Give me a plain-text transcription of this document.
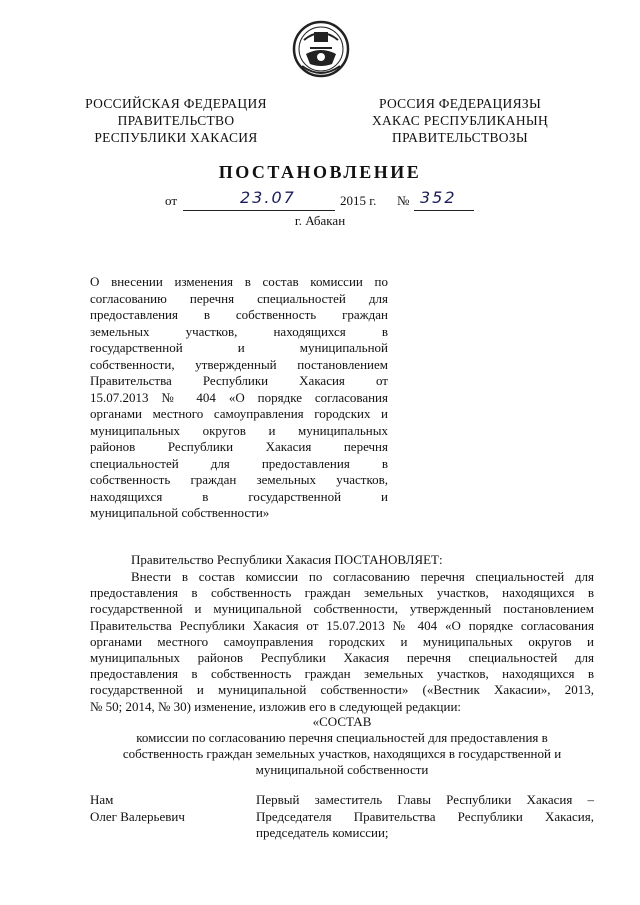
РОССИЙСКАЯ ФЕДЕРАЦИЯ
ПРАВИТЕЛЬСТВО
РЕСПУБЛИКИ ХАКАСИЯ
РОССИЯ ФЕДЕРАЦИЯЗЫ
ХАКАС РЕСПУБЛИКАНЫҢ
ПРАВИТЕЛЬСТВОЗЫ
ПОСТАНОВЛЕНИЕ
от	23.07	2015 г. № 352
г. Абакан
О внесении изменения в состав комиссии по
согласованию перечня специальностей для
предоставления в собственность граждан
земельных участков, находящихся в
государственной и муниципальной
собственности, утвержденный постановлением
Правительства Республики Хакасия от
15.07.2013 № 404 «О порядке согласования
органами местного самоуправления городских и
муниципальных округов и муниципальных
районов Республики Хакасия перечня
специальностей для предоставления в
собственность граждан земельных участков,
находящихся в государственной и
муниципальной собственности»
Правительство Республики Хакасия ПОСТАНОВЛЯЕТ:
Внести в состав комиссии по согласованию перечня специальностей для
предоставления в собственность граждан земельных участков, находящихся в
государственной и муниципальной собственности, утвержденный постановлением
Правительства Республики Хакасия от 15.07.2013 № 404 «О порядке согласования
органами местного самоуправления городских и муниципальных округов и
муниципальных районов Республики Хакасия перечня специальностей для
предоставления в собственность граждан земельных участков, находящихся в
государственной и муниципальной собственности» («Вестник Хакасии», 2013,
№ 50; 2014, № 30) изменение, изложив его в следующей редакции:
«СОСТАВ
комиссии по согласованию перечня специальностей для предоставления в
собственность граждан земельных участков, находящихся в государственной и
муниципальной собственности
Нам
Олег Валерьевич
Первый заместитель Главы Республики Хакасия –
Председателя Правительства Республики Хакасия,
председатель комиссии;
